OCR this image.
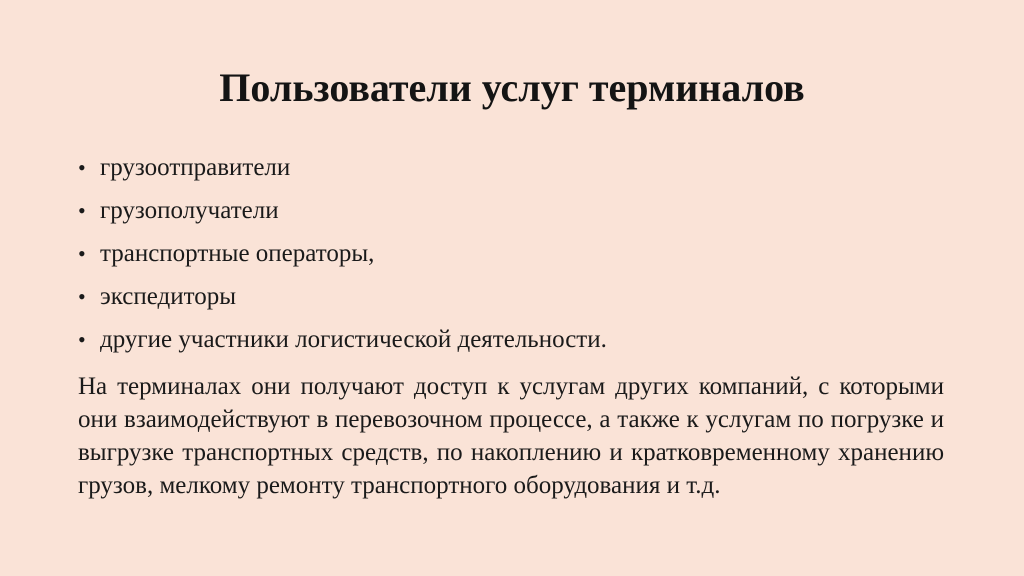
Пользователи услуг терминалов
• грузоотправители
• грузополучатели
• транспортные операторы,
• экспедиторы
• другие участники логистической деятельности.

На терминалах они получают доступ к услугам других компаний, с которыми они взаимодействуют в перевозочном процессе, а также к услугам по погрузке и выгрузке транспортных средств, по накоплению и кратковременному хранению грузов, мелкому ремонту транспортного оборудования и т.д.
